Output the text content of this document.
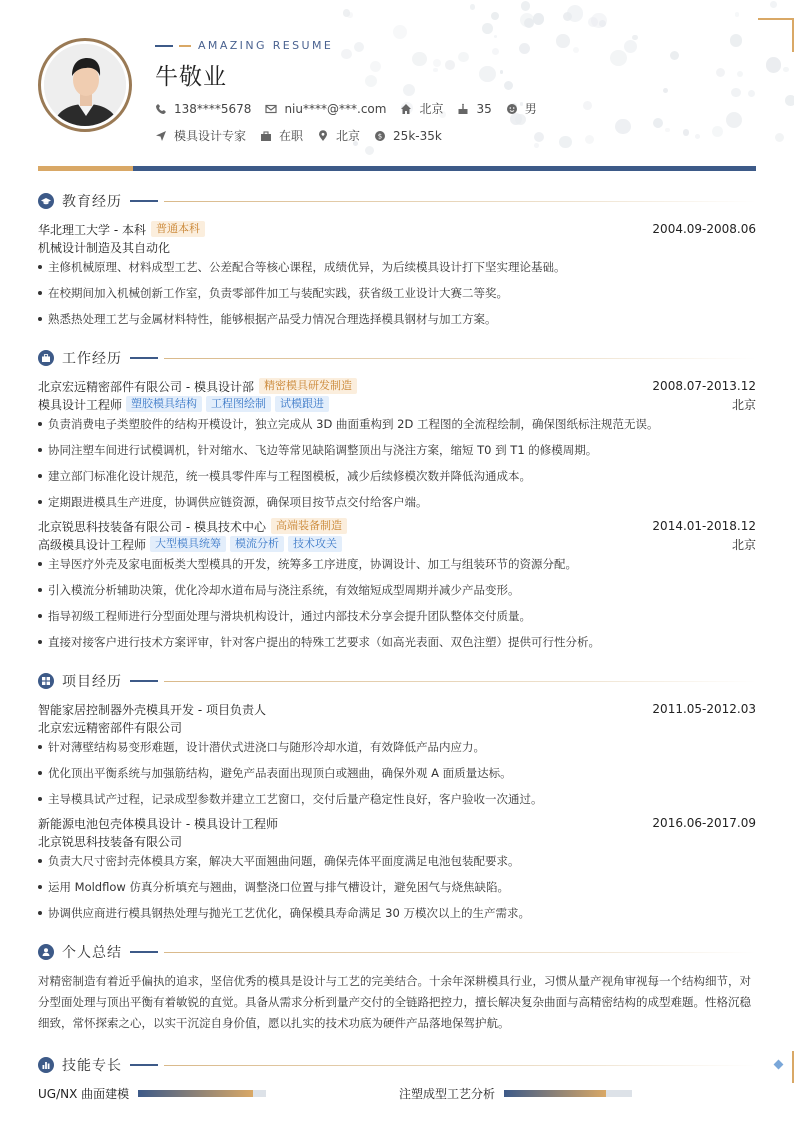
AMAZING RESUME
牛敬业
138****5678	niu****@***.com	北京	35	男
模具设计专家	在职	北京	$ 25k-35k
教育经历
华北理工大学 - 本科 普通本科	2004.09-2008.06
机械设计制造及其自动化
主修机械原理、材料成型工艺、公差配合等核心课程，成绩优异，为后续模具设计打下坚实理论基础。
在校期间加入机械创新工作室，负责零部件加工与装配实践，获省级工业设计大赛二等奖。
熟悉热处理工艺与金属材料特性，能够根据产品受力情况合理选择模具钢材与加工方案。
工作经历
北京宏远精密部件有限公司 - 模具设计部 精密模具研发制造	2008.07-2013.12
模具设计工程师 塑胶模具结构	工程图绘制	试模跟进	北京
负责消费电子类塑胶件的结构开模设计，独立完成从 3D 曲面重构到 2D 工程图的全流程绘制，确保图纸标注规范无误。
协同注塑车间进行试模调机，针对缩水、飞边等常见缺陷调整顶出与浇注方案，缩短 T0 到 T1 的修模周期。
建立部门标准化设计规范，统一模具零件库与工程图模板，减少后续修模次数并降低沟通成本。
定期跟进模具生产进度，协调供应链资源，确保项目按节点交付给客户端。
北京锐思科技装备有限公司 - 模具技术中心 高端装备制造	2014.01-2018.12
高级模具设计工程师 大型模具统筹	模流分析	技术攻关	北京
主导医疗外壳及家电面板类大型模具的开发，统筹多工序进度，协调设计、加工与组装环节的资源分配。
引入模流分析辅助决策，优化冷却水道布局与浇注系统，有效缩短成型周期并减少产品变形。
指导初级工程师进行分型面处理与滑块机构设计，通过内部技术分享会提升团队整体交付质量。
直接对接客户进行技术方案评审，针对客户提出的特殊工艺要求（如高光表面、双色注塑）提供可行性分析。
项目经历
智能家居控制器外壳模具开发 - 项目负责人	2011.05-2012.03
北京宏远精密部件有限公司
针对薄壁结构易变形难题，设计潜伏式进浇口与随形冷却水道，有效降低产品内应力。
优化顶出平衡系统与加强筋结构，避免产品表面出现顶白或翘曲，确保外观 A 面质量达标。
主导模具试产过程，记录成型参数并建立工艺窗口，交付后量产稳定性良好，客户验收一次通过。
新能源电池包壳体模具设计 - 模具设计工程师	2016.06-2017.09
北京锐思科技装备有限公司
负责大尺寸密封壳体模具方案，解决大平面翘曲问题，确保壳体平面度满足电池包装配要求。
运用 Moldflow 仿真分析填充与翘曲，调整浇口位置与排气槽设计，避免困气与烧焦缺陷。
协调供应商进行模具钢热处理与抛光工艺优化，确保模具寿命满足 30 万模次以上的生产需求。
个人总结
对精密制造有着近乎偏执的追求，坚信优秀的模具是设计与工艺的完美结合。十余年深耕模具行业，习惯从量产视角审视每一个结构细节，对分型面处理与顶出平衡有着敏锐的直觉。具备从需求分析到量产交付的全链路把控力，擅长解决复杂曲面与高精密结构的成型难题。性格沉稳细致，常怀探索之心，以实干沉淀自身价值，愿以扎实的技术功底为硬件产品落地保驾护航。
技能专长
UG/NX 曲面建模	注塑成型工艺分析
